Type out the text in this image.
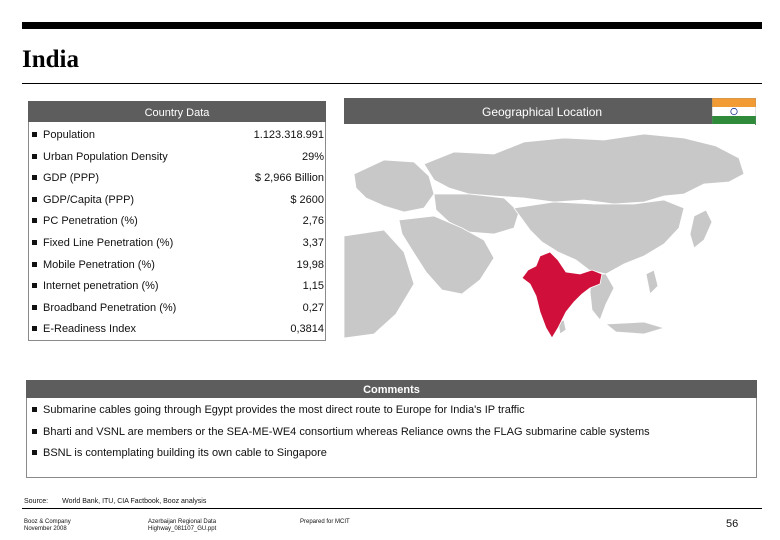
India
Country Data
Population	1.123.318.991
Urban Population Density	29%
GDP (PPP)	$ 2,966 Billion
GDP/Capita (PPP)	$ 2600
PC Penetration (%)	2,76
Fixed Line Penetration (%)	3,37
Mobile Penetration (%)	19,98
Internet penetration (%)	1,15
Broadband Penetration (%)	0,27
E-Readiness Index	0,3814
Geographical Location
Comments
Submarine cables going through Egypt provides the most direct route to Europe for India's IP traffic
Bharti and VSNL are members or the SEA-ME-WE4 consortium whereas Reliance owns the FLAG submarine cable systems
BSNL is contemplating building its own cable to Singapore
Source: World Bank, ITU, CIA Factbook, Booz analysis
Booz & Company
November 2008
Azerbaijan Regional Data
Highway_081107_GU.ppt
Prepared for MCIT	56
